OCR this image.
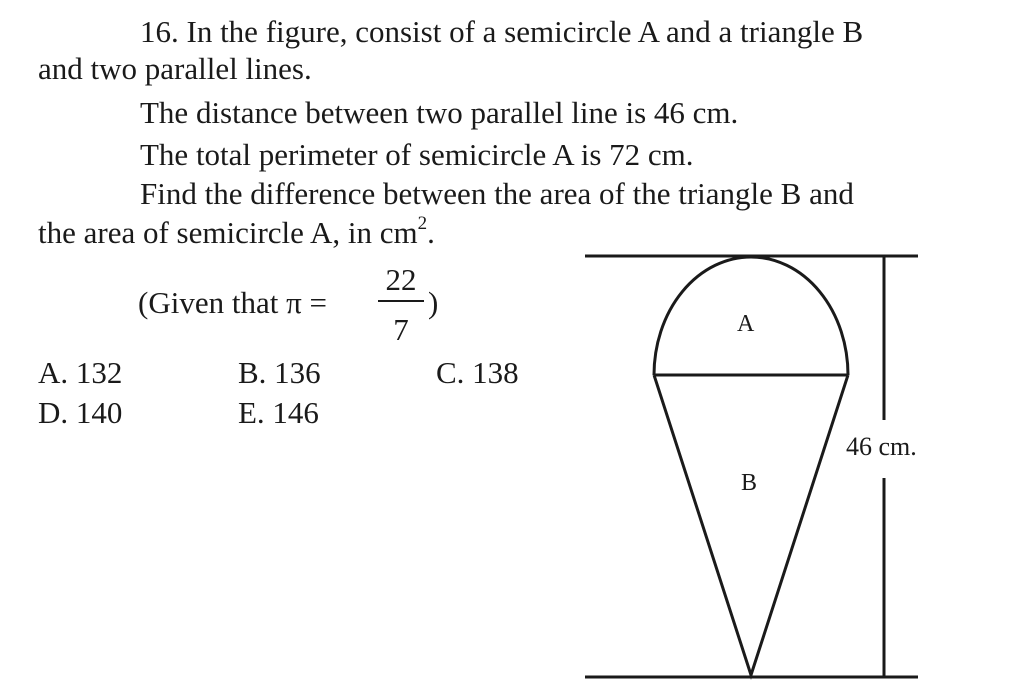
16. In the figure, consist of a semicircle A and a triangle B
and two parallel lines.
The distance between two parallel line is 46 cm.
The total perimeter of semicircle A is 72 cm.
Find the difference between the area of the triangle B and
the area of semicircle A, in $cm^2$.
(Given that π =
22
7
)
A. 132	B. 136	C. 138
D. 140	E. 146
A
B
46 cm.
